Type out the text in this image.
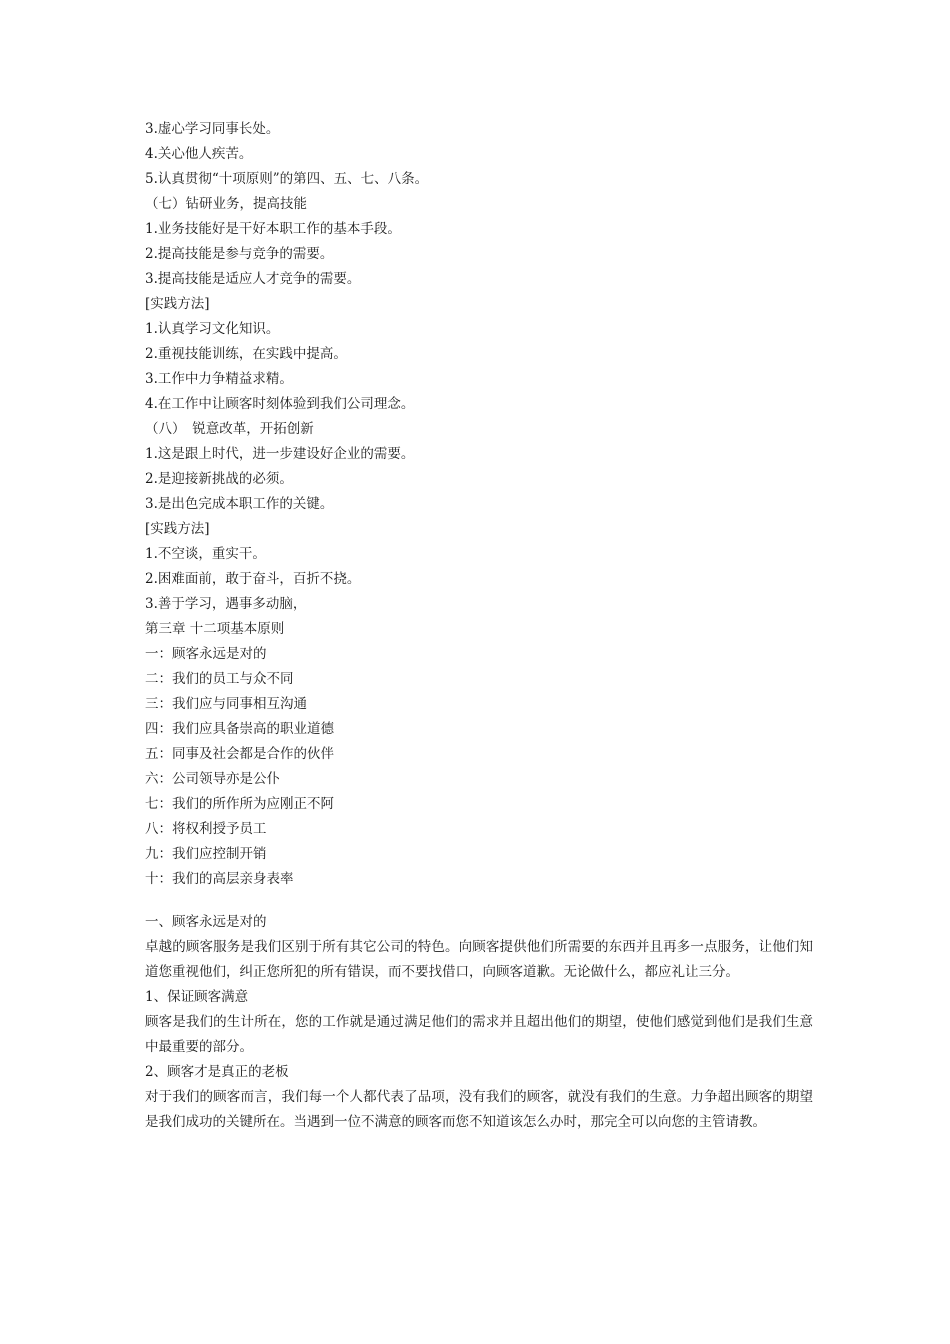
3.虚心学习同事长处。
4.关心他人疾苦。
5.认真贯彻“十项原则”的第四、五、七、八条。
（七）钻研业务，提高技能
1.业务技能好是干好本职工作的基本手段。
2.提高技能是参与竞争的需要。
3.提高技能是适应人才竞争的需要。
[实践方法]
1.认真学习文化知识。
2.重视技能训练，在实践中提高。
3.工作中力争精益求精。
4.在工作中让顾客时刻体验到我们公司理念。
（八）　锐意改革，开拓创新
1.这是跟上时代，进一步建设好企业的需要。
2.是迎接新挑战的必须。
3.是出色完成本职工作的关键。
[实践方法]
1.不空谈，重实干。
2.困难面前，敢于奋斗，百折不挠。
3.善于学习，遇事多动脑，
第三章 十二项基本原则
一：顾客永远是对的
二：我们的员工与众不同
三：我们应与同事相互沟通
四：我们应具备崇高的职业道德
五：同事及社会都是合作的伙伴
六：公司领导亦是公仆
七：我们的所作所为应刚正不阿
八：将权利授予员工
九：我们应控制开销
十：我们的高层亲身表率
一、顾客永远是对的
卓越的顾客服务是我们区别于所有其它公司的特色。向顾客提供他们所需要的东西并且再多一点服务，让他们知道您重视他们，纠正您所犯的所有错误，而不要找借口，向顾客道歉。无论做什么，都应礼让三分。
1、保证顾客满意
顾客是我们的生计所在，您的工作就是通过满足他们的需求并且超出他们的期望，使他们感觉到他们是我们生意中最重要的部分。
2、顾客才是真正的老板
对于我们的顾客而言，我们每一个人都代表了品项，没有我们的顾客，就没有我们的生意。力争超出顾客的期望是我们成功的关键所在。当遇到一位不满意的顾客而您不知道该怎么办时，那完全可以向您的主管请教。
